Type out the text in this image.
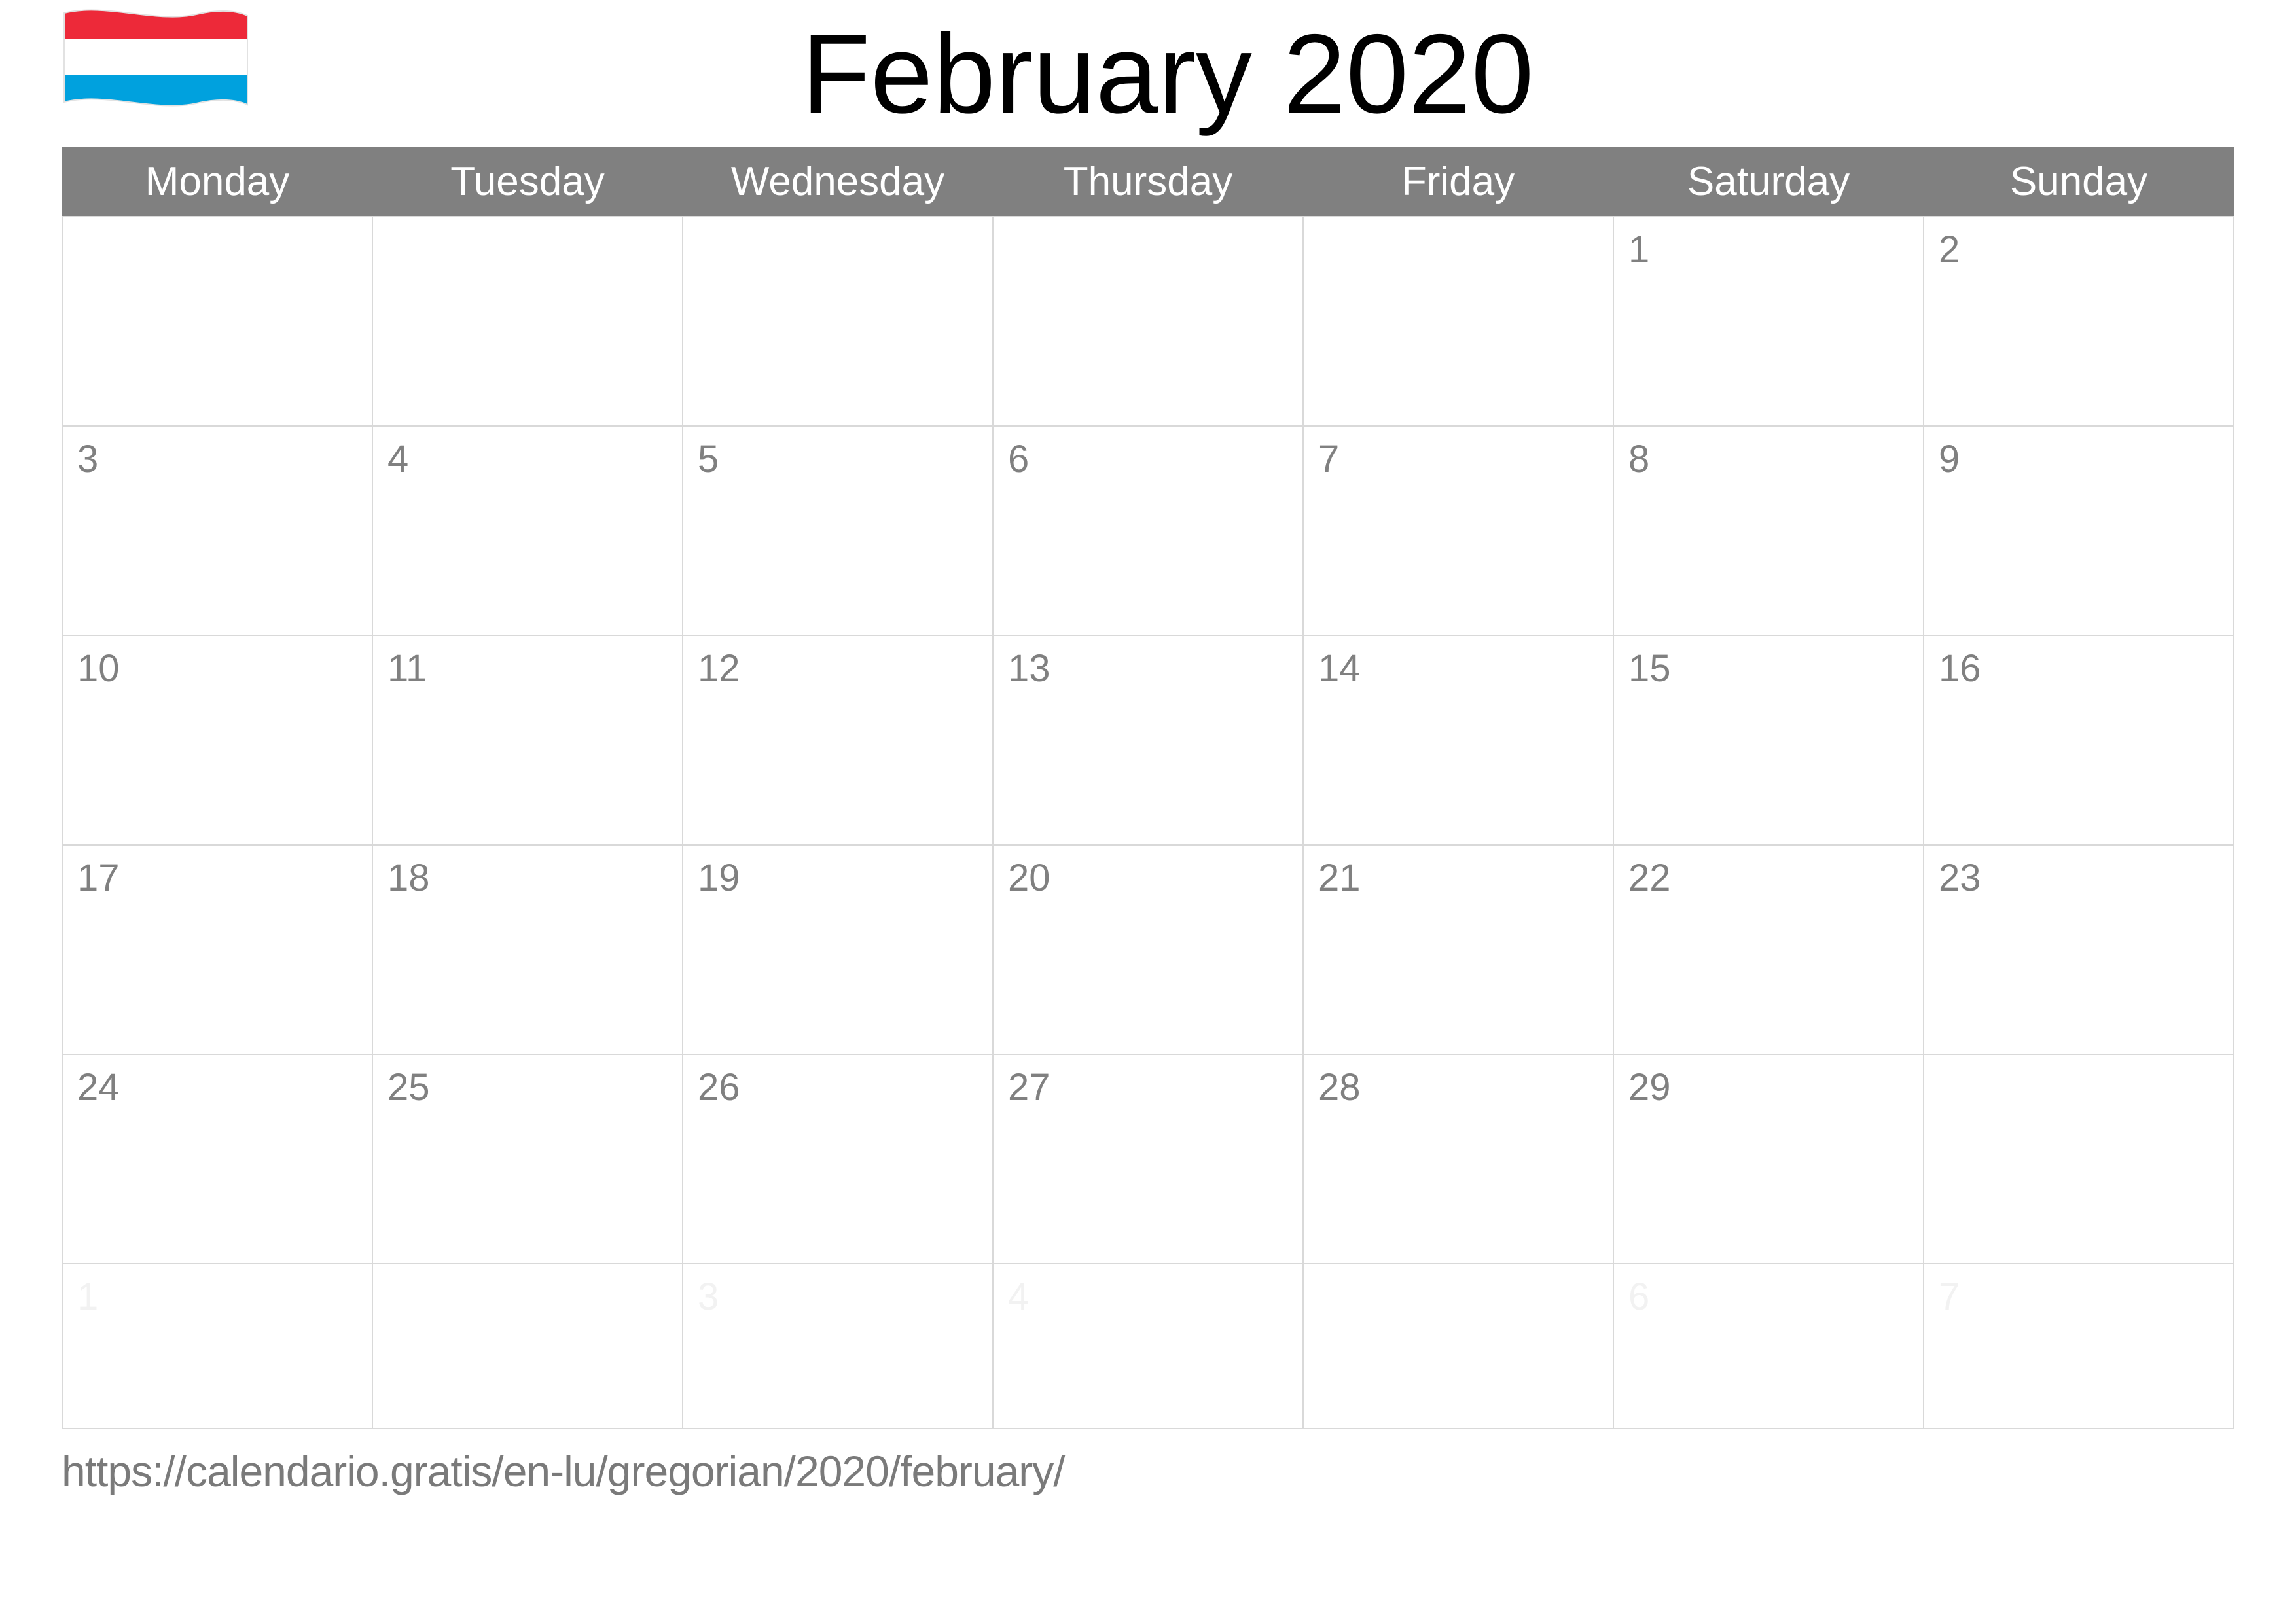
February 2020
Monday	Tuesday	Wednesday	Thursday	Friday	Saturday	Sunday

					1	2

3	4	5	6	7	8	9

10	11	12	13	14	15	16

17	18	19	20	21	22	23

24	25	26	27	28	29	

1		3	4		6	7
https://calendario.gratis/en-lu/gregorian/2020/february/
